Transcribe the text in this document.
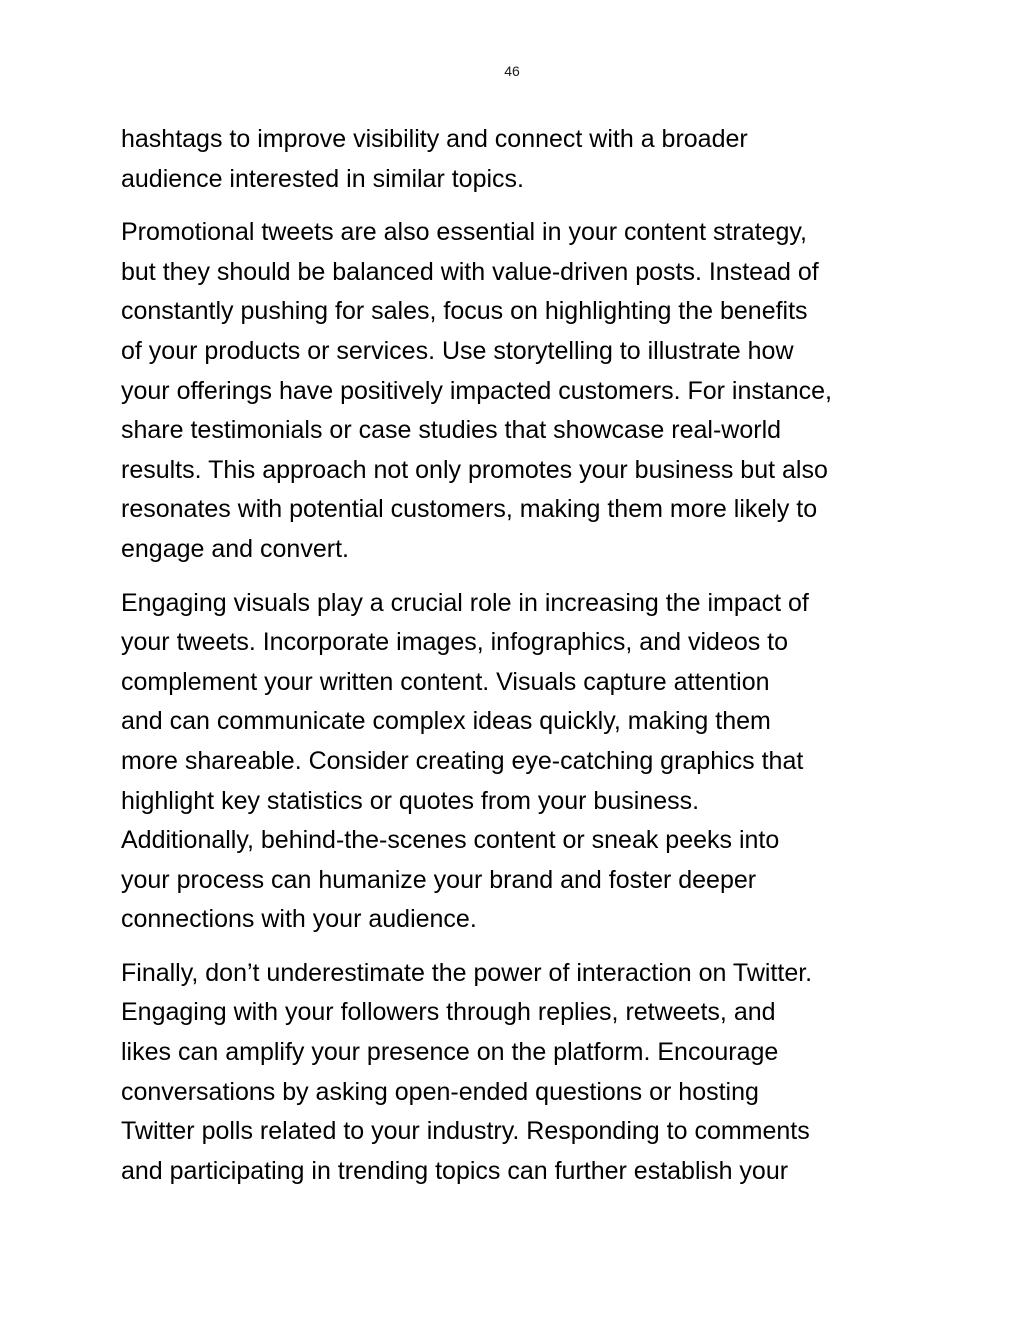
46

hashtags to improve visibility and connect with a broader
audience interested in similar topics.

Promotional tweets are also essential in your content strategy,
but they should be balanced with value-driven posts. Instead of
constantly pushing for sales, focus on highlighting the benefits
of your products or services. Use storytelling to illustrate how
your offerings have positively impacted customers. For instance,
share testimonials or case studies that showcase real-world
results. This approach not only promotes your business but also
resonates with potential customers, making them more likely to
engage and convert.

Engaging visuals play a crucial role in increasing the impact of
your tweets. Incorporate images, infographics, and videos to
complement your written content. Visuals capture attention
and can communicate complex ideas quickly, making them
more shareable. Consider creating eye-catching graphics that
highlight key statistics or quotes from your business.
Additionally, behind-the-scenes content or sneak peeks into
your process can humanize your brand and foster deeper
connections with your audience.

Finally, don’t underestimate the power of interaction on Twitter.
Engaging with your followers through replies, retweets, and
likes can amplify your presence on the platform. Encourage
conversations by asking open-ended questions or hosting
Twitter polls related to your industry. Responding to comments
and participating in trending topics can further establish your
